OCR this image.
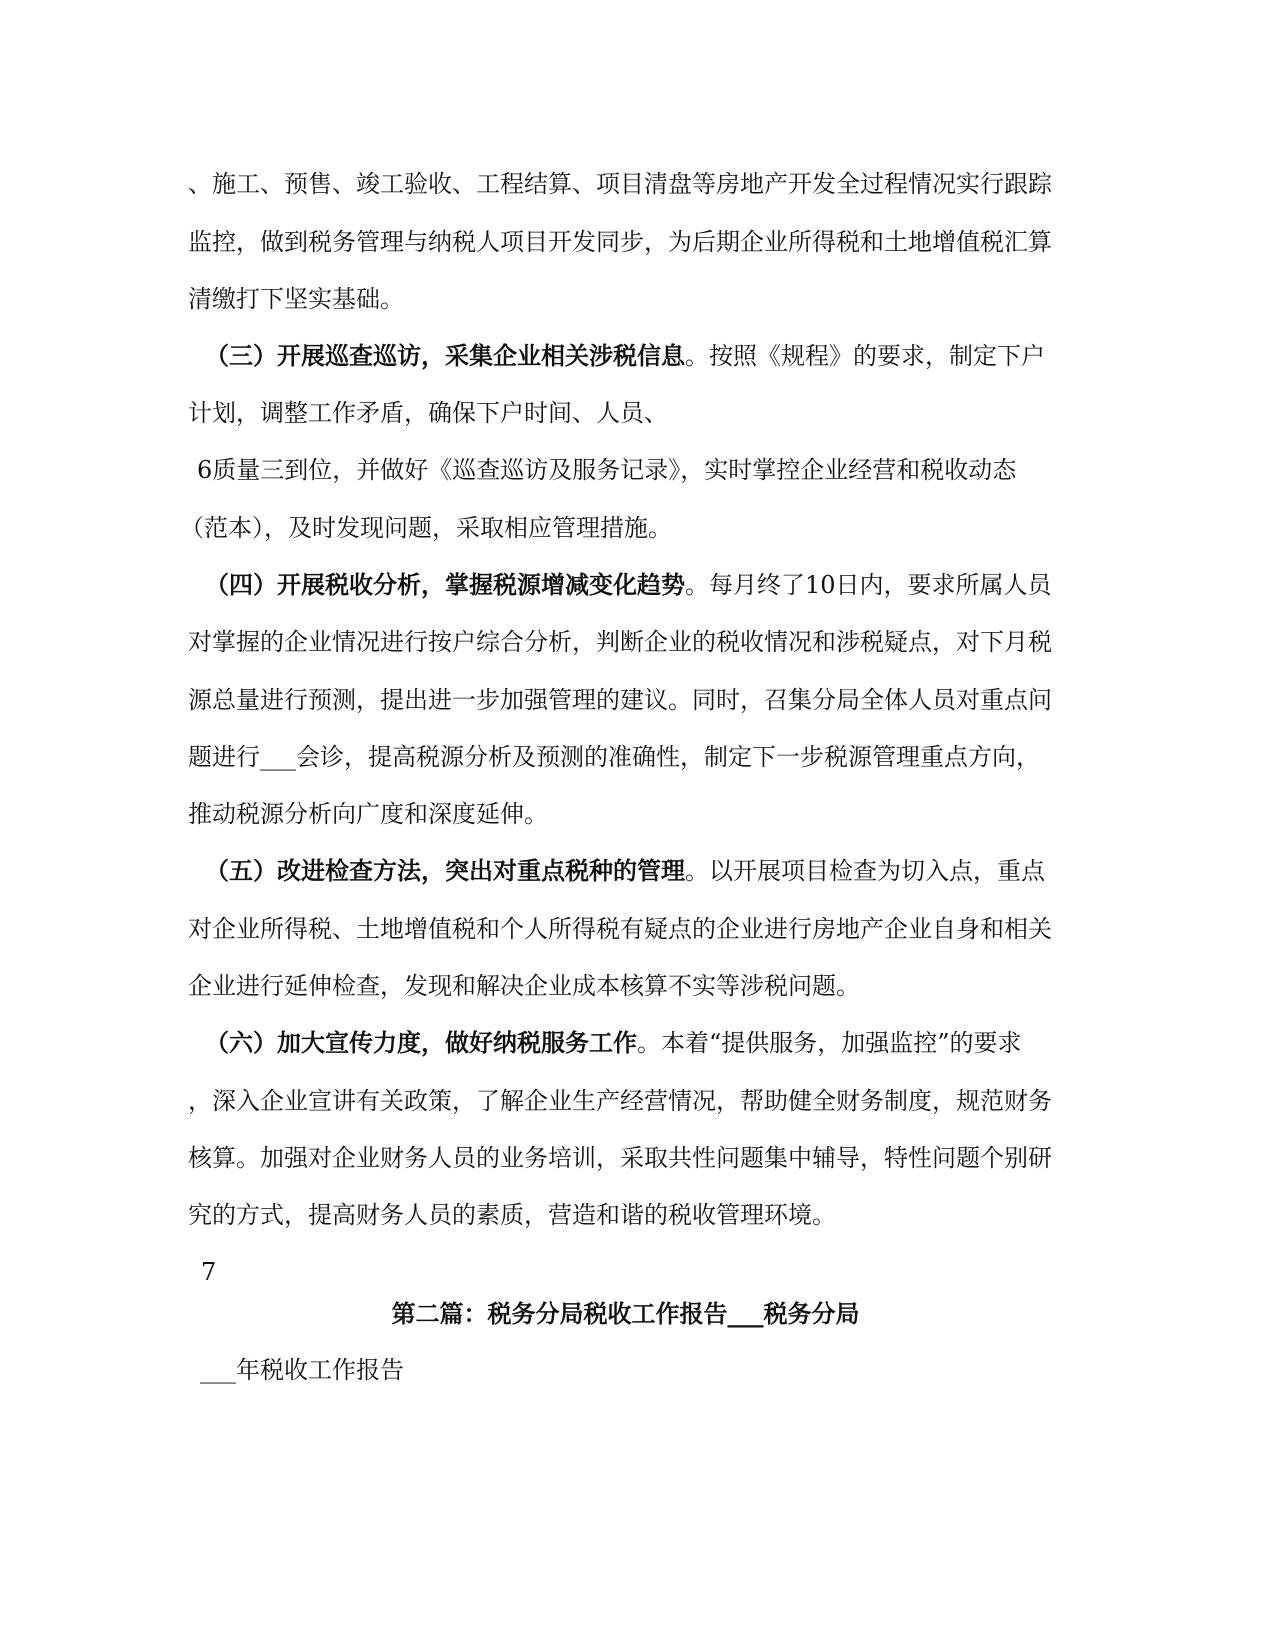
、施工、预售、竣工验收、工程结算、项目清盘等房地产开发全过程情况实行跟踪
监控，做到税务管理与纳税人项目开发同步，为后期企业所得税和土地增值税汇算
清缴打下坚实基础。
（三）开展巡查巡访，采集企业相关涉税信息。按照《规程》的要求，制定下户
计划，调整工作矛盾，确保下户时间、人员、
6质量三到位，并做好《巡查巡访及服务记录》，实时掌控企业经营和税收动态
（范本），及时发现问题，采取相应管理措施。
（四）开展税收分析，掌握税源增减变化趋势。每月终了10日内，要求所属人员
对掌握的企业情况进行按户综合分析，判断企业的税收情况和涉税疑点，对下月税
源总量进行预测，提出进一步加强管理的建议。同时，召集分局全体人员对重点问
题进行___会诊，提高税源分析及预测的准确性，制定下一步税源管理重点方向，
推动税源分析向广度和深度延伸。
（五）改进检查方法，突出对重点税种的管理。以开展项目检查为切入点，重点
对企业所得税、土地增值税和个人所得税有疑点的企业进行房地产企业自身和相关
企业进行延伸检查，发现和解决企业成本核算不实等涉税问题。
（六）加大宣传力度，做好纳税服务工作。本着“提供服务，加强监控”的要求
，深入企业宣讲有关政策，了解企业生产经营情况，帮助健全财务制度，规范财务
核算。加强对企业财务人员的业务培训，采取共性问题集中辅导，特性问题个别研
究的方式，提高财务人员的素质，营造和谐的税收管理环境。
7
第二篇：税务分局税收工作报告___税务分局
___年税收工作报告
